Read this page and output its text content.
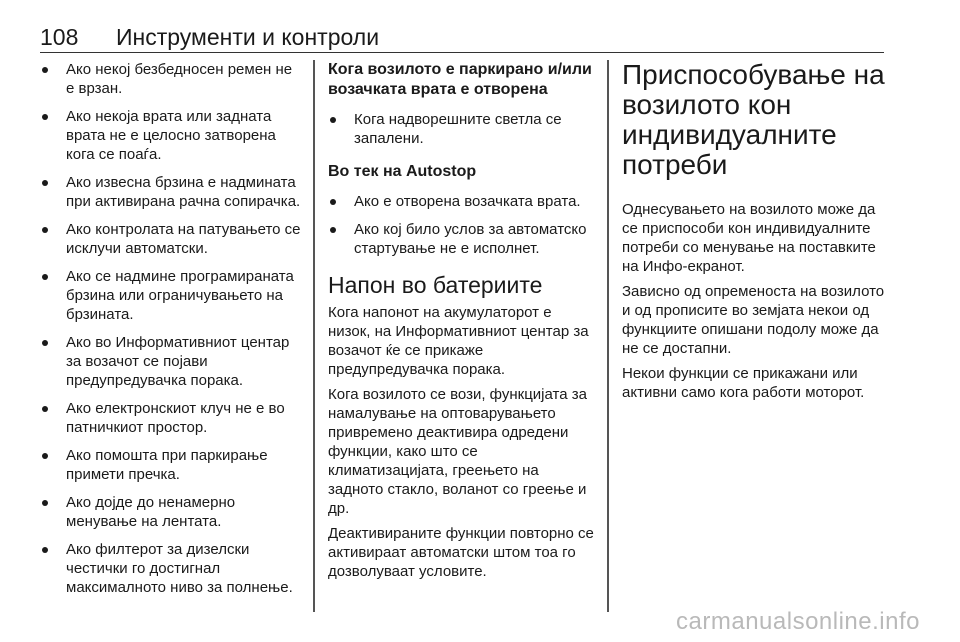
108 Инструменти и контроли
Ако некој безбедносен ремен не е врзан.
Ако некоја врата или задната врата не е целосно затворена кога се поаѓа.
Ако извесна брзина е надмината при активирана рачна сопирачка.
Ако контролата на патувањето се исклучи автоматски.
Ако се надмине програмираната брзина или ограничувањето на брзината.
Ако во Информативниот центар за возачот се појави предупредувачка порака.
Ако електронскиот клуч не е во патничкиот простор.
Ако помошта при паркирање примети пречка.
Ако дојде до ненамерно менување на лентата.
Ако филтерот за дизелски честички го достигнал максималното ниво за полнење.
Кога возилото е паркирано и/или возачката врата е отворена
Кога надворешните светла се запалени.
Во тек на Autostop
Ако е отворена возачката врата.
Ако кој било услов за автоматско стартување не е исполнет.
Напон во батериите

Кога напонот на акумулаторот е низок, на Информативниот центар за возачот ќе се прикаже предупредувачка порака.

Кога возилото се вози, функцијата за намалување на оптоварувањето привремено деактивира одредени функции, како што се климатизацијата, греењето на задното стакло, воланот со греење и др.

Деактивираните функции повторно се активираат автоматски штом тоа го дозволуваат условите.

Приспособување на возилото кон индивидуалните потреби

Однесувањето на возилото може да се приспособи кон индивидуалните потреби со менување на поставките на Инфо-екранот.

Зависно од опременоста на возилото и од прописите во земјата некои од функциите опишани подолу може да не се достапни.

Некои функции се прикажани или активни само кога работи моторот.

carmanualsonline.info
